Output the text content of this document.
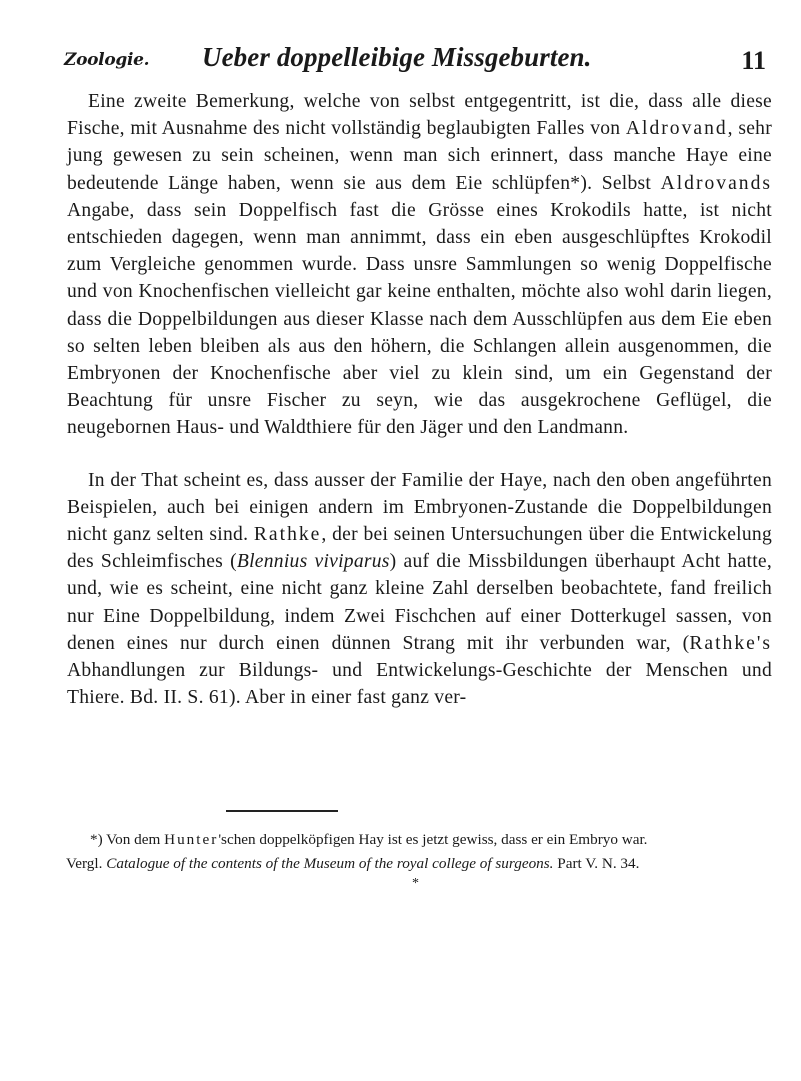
Zoologie. Ueber doppelleibige Missgeburten.	11

Eine zweite Bemerkung, welche von selbst entgegentritt, ist die, dass alle diese Fische, mit Ausnahme des nicht vollständig beglaubigten Falles von Aldrovand, sehr jung gewesen zu sein scheinen, wenn man sich erinnert, dass manche Haye eine bedeutende Länge haben, wenn sie aus dem Eie schlüpfen*). Selbst Aldrovands Angabe, dass sein Doppelfisch fast die Grösse eines Krokodils hatte, ist nicht entschieden dagegen, wenn man annimmt, dass ein eben ausgeschlüpftes Krokodil zum Vergleiche genommen wurde. Dass unsre Sammlungen so wenig Doppelfische und von Knochenfischen vielleicht gar keine enthalten, möchte also wohl darin liegen, dass die Doppelbildungen aus dieser Klasse nach dem Ausschlüpfen aus dem Eie eben so selten leben bleiben als aus den höhern, die Schlangen allein ausgenommen, die Embryonen der Knochenfische aber viel zu klein sind, um ein Gegenstand der Beachtung für unsre Fischer zu seyn, wie das ausgekrochene Geflügel, die neugebornen Haus- und Waldthiere für den Jäger und den Landmann.

In der That scheint es, dass ausser der Familie der Haye, nach den oben angeführten Beispielen, auch bei einigen andern im Embryonen-Zustande die Doppelbildungen nicht ganz selten sind. Rathke, der bei seinen Untersuchungen über die Entwickelung des Schleimfisches (Blennius viviparus) auf die Missbildungen überhaupt Acht hatte, und, wie es scheint, eine nicht ganz kleine Zahl derselben beobachtete, fand freilich nur Eine Doppelbildung, indem Zwei Fischchen auf einer Dotterkugel sassen, von denen eines nur durch einen dünnen Strang mit ihr verbunden war, (Rathke's Abhandlungen zur Bildungs- und Entwickelungs-Geschichte der Menschen und Thiere. Bd. II. S. 61). Aber in einer fast ganz ver-

*) Von dem Hunter'schen doppelköpfigen Hay ist es jetzt gewiss, dass er ein Embryo war.
Vergl. Catalogue of the contents of the Museum of the royal college of surgeons. Part V. N. 34.
*
